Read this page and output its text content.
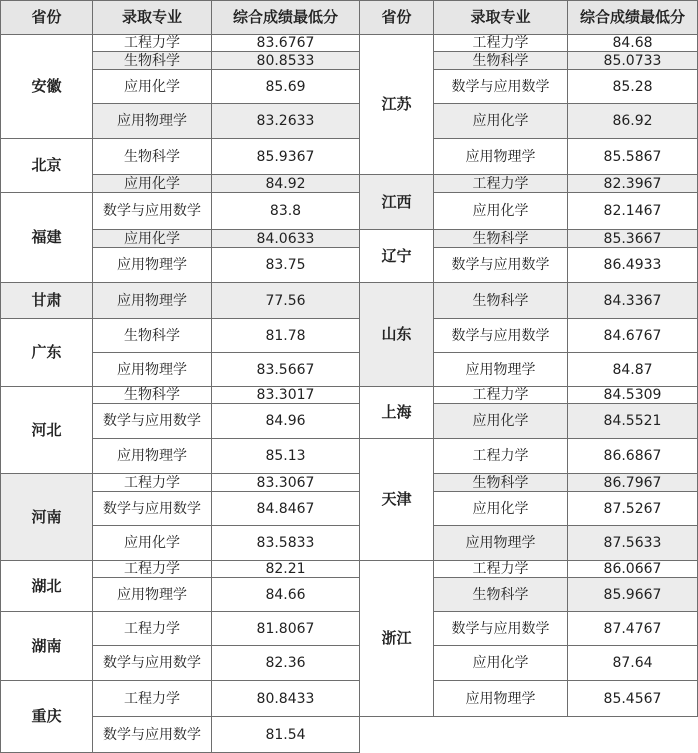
省份	录取专业	综合成绩最低分	省份	录取专业	综合成绩最低分
安徽
工程力学	83.6767
生物科学	80.8533
应用化学	85.69
应用物理学	83.2633
北京	生物科学	85.9367
应用化学	84.92
福建
数学与应用数学	83.8
应用化学	84.0633
应用物理学	83.75
甘肃	应用物理学	77.56
广东
生物科学	81.78
应用物理学	83.5667
河北
生物科学	83.3017
数学与应用数学	84.96
应用物理学	85.13
河南
工程力学	83.3067
数学与应用数学	84.8467
应用化学	83.5833
湖北
工程力学	82.21
应用物理学	84.66
湖南
工程力学	81.8067
数学与应用数学	82.36
重庆
工程力学	80.8433
数学与应用数学	81.54
江苏
工程力学	84.68
生物科学	85.0733
数学与应用数学	85.28
应用化学	86.92
应用物理学	85.5867
江西
工程力学	82.3967
应用化学	82.1467
辽宁
生物科学	85.3667
数学与应用数学	86.4933
山东
生物科学	84.3367
数学与应用数学	84.6767
应用物理学	84.87
上海
工程力学	84.5309
应用化学	84.5521
天津
工程力学	86.6867
生物科学	86.7967
应用化学	87.5267
应用物理学	87.5633
浙江
工程力学	86.0667
生物科学	85.9667
数学与应用数学	87.4767
应用化学	87.64
应用物理学	85.4567
